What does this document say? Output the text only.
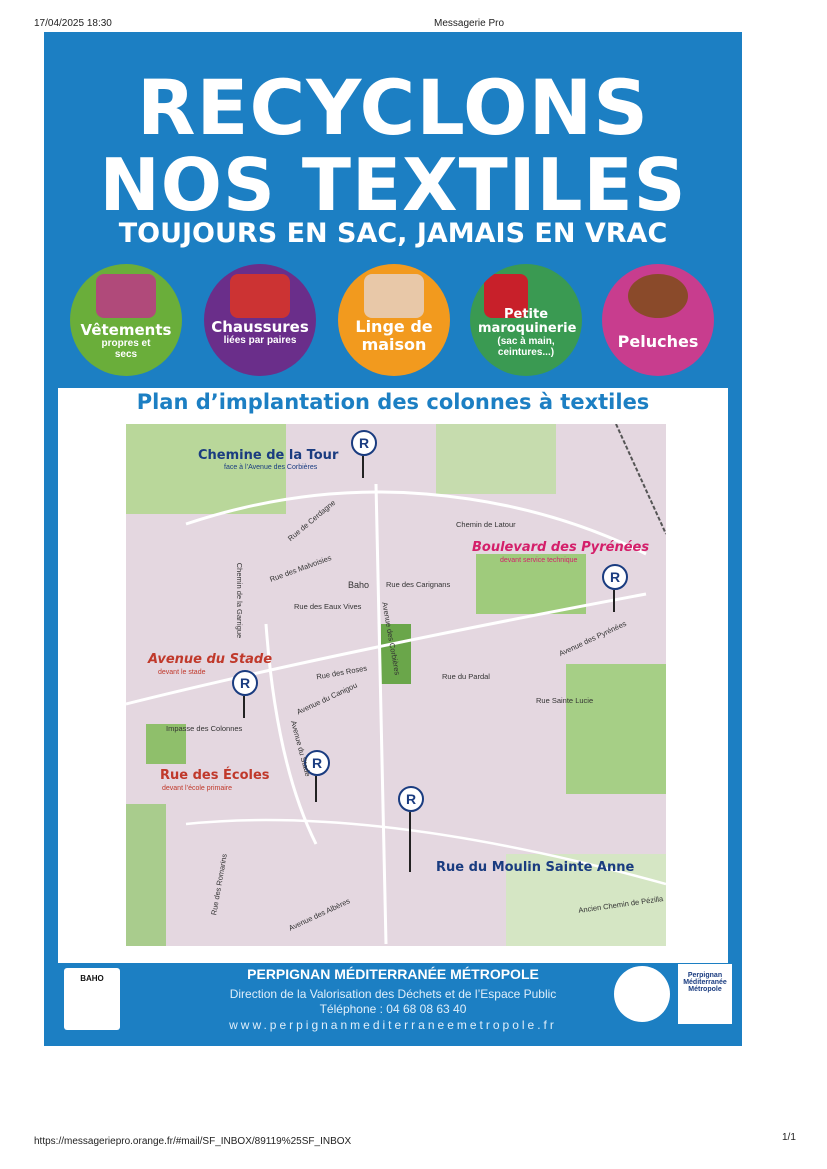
17/04/2025 18:30	Messagerie Pro
RECYCLONS
NOS TEXTILES
TOUJOURS EN SAC, JAMAIS EN VRAC
Vêtements
propres et secs
Chaussures
liées par paires
Linge de maison
Petite maroquinerie
(sac à main, ceintures...)
Peluches
Plan d’implantation des colonnes à textiles
Chemine de la Tour
face à l’Avenue des Corbières
R
Boulevard des Pyrénées
devant service technique
R
Avenue du Stade
devant le stade
R
Rue des Écoles
devant l’école primaire
R
Rue du Moulin Sainte Anne
R
Rue de Cerdagne	Chemin de Latour
Rue des Malvoisies
Baho Rue des Carignans
Rue des Eaux Vives	Avenue des Corbières	Avenue des Pyrénées
Rue des Roses	Rue du Pardal
Avenue du Canigou	Rue Sainte Lucie
Impasse des Colonnes	Avenue du Stade
Chemin de la Garrigue
Rue des Romarins	Avenue des Albères	Ancien Chemin de Pézilla
BAHO	PERPIGNAN MÉDITERRANÉE MÉTROPOLE
Direction de la Valorisation des Déchets et de l’Espace Public
Téléphone : 04 68 08 63 40
www.perpignanmediterraneemetropole.fr
Perpignan Méditerranée Métropole
https://messageriepro.orange.fr/#mail/SF_INBOX/89119%25SF_INBOX	1/1
